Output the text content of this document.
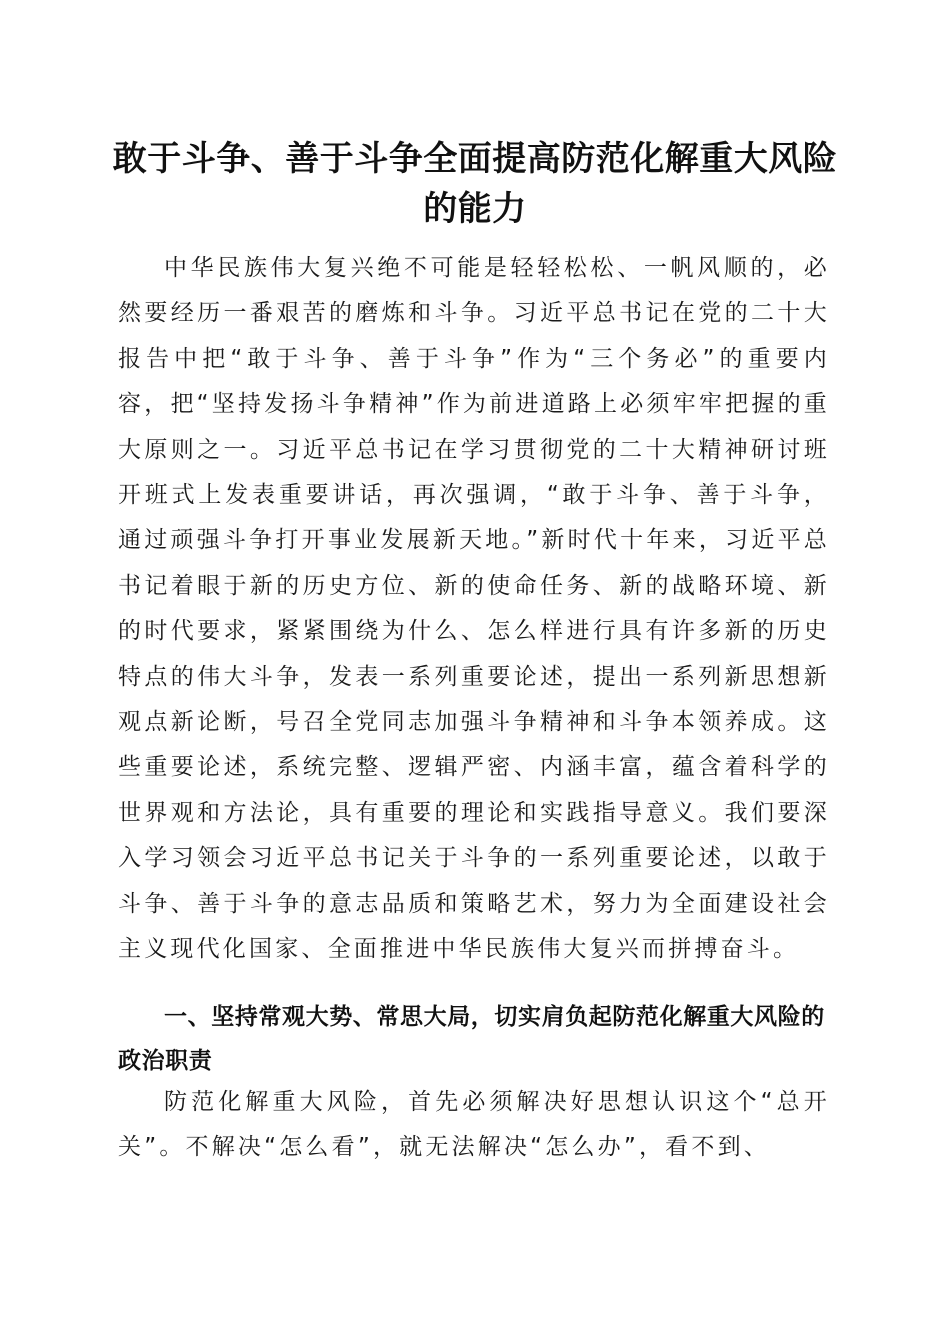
敢于斗争、善于斗争全面提高防范化解重大风险的能力

中华民族伟大复兴绝不可能是轻轻松松、一帆风顺的，必然要经历一番艰苦的磨炼和斗争。习近平总书记在党的二十大报告中把“敢于斗争、善于斗争”作为“三个务必”的重要内容，把“坚持发扬斗争精神”作为前进道路上必须牢牢把握的重大原则之一。习近平总书记在学习贯彻党的二十大精神研讨班开班式上发表重要讲话，再次强调，“敢于斗争、善于斗争，通过顽强斗争打开事业发展新天地。”新时代十年来，习近平总书记着眼于新的历史方位、新的使命任务、新的战略环境、新的时代要求，紧紧围绕为什么、怎么样进行具有许多新的历史特点的伟大斗争，发表一系列重要论述，提出一系列新思想新观点新论断，号召全党同志加强斗争精神和斗争本领养成。这些重要论述，系统完整、逻辑严密、内涵丰富，蕴含着科学的世界观和方法论，具有重要的理论和实践指导意义。我们要深入学习领会习近平总书记关于斗争的一系列重要论述，以敢于斗争、善于斗争的意志品质和策略艺术，努力为全面建设社会主义现代化国家、全面推进中华民族伟大复兴而拼搏奋斗。

一、坚持常观大势、常思大局，切实肩负起防范化解重大风险的政治职责

防范化解重大风险，首先必须解决好思想认识这个“总开关”。不解决“怎么看”，就无法解决“怎么办”，看不到、
